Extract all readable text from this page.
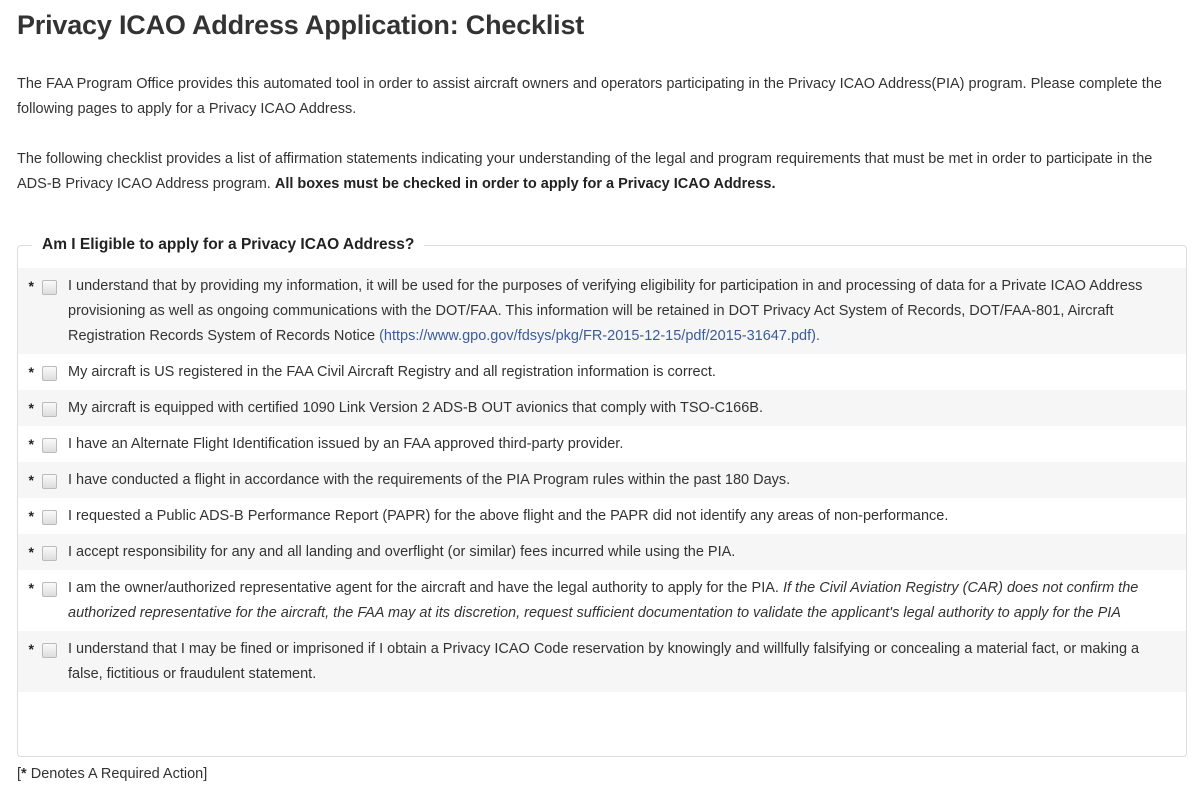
Privacy ICAO Address Application: Checklist

The FAA Program Office provides this automated tool in order to assist aircraft owners and operators participating in the Privacy ICAO Address(PIA) program. Please complete the following pages to apply for a Privacy ICAO Address.

The following checklist provides a list of affirmation statements indicating your understanding of the legal and program requirements that must be met in order to participate in the ADS-B Privacy ICAO Address program. All boxes must be checked in order to apply for a Privacy ICAO Address.

Am I Eligible to apply for a Privacy ICAO Address?
* I understand that by providing my information, it will be used for the purposes of verifying eligibility for participation in and processing of data for a Private ICAO Address provisioning as well as ongoing communications with the DOT/FAA. This information will be retained in DOT Privacy Act System of Records, DOT/FAA-801, Aircraft Registration Records System of Records Notice (https://www.gpo.gov/fdsys/pkg/FR-2015-12-15/pdf/2015-31647.pdf).
* My aircraft is US registered in the FAA Civil Aircraft Registry and all registration information is correct.
* My aircraft is equipped with certified 1090 Link Version 2 ADS-B OUT avionics that comply with TSO-C166B.
* I have an Alternate Flight Identification issued by an FAA approved third-party provider.
* I have conducted a flight in accordance with the requirements of the PIA Program rules within the past 180 Days.
* I requested a Public ADS-B Performance Report (PAPR) for the above flight and the PAPR did not identify any areas of non-performance.
* I accept responsibility for any and all landing and overflight (or similar) fees incurred while using the PIA.
* I am the owner/authorized representative agent for the aircraft and have the legal authority to apply for the PIA. If the Civil Aviation Registry (CAR) does not confirm the authorized representative for the aircraft, the FAA may at its discretion, request sufficient documentation to validate the applicant's legal authority to apply for the PIA
* I understand that I may be fined or imprisoned if I obtain a Privacy ICAO Code reservation by knowingly and willfully falsifying or concealing a material fact, or making a false, fictitious or fraudulent statement.
[* Denotes A Required Action]
